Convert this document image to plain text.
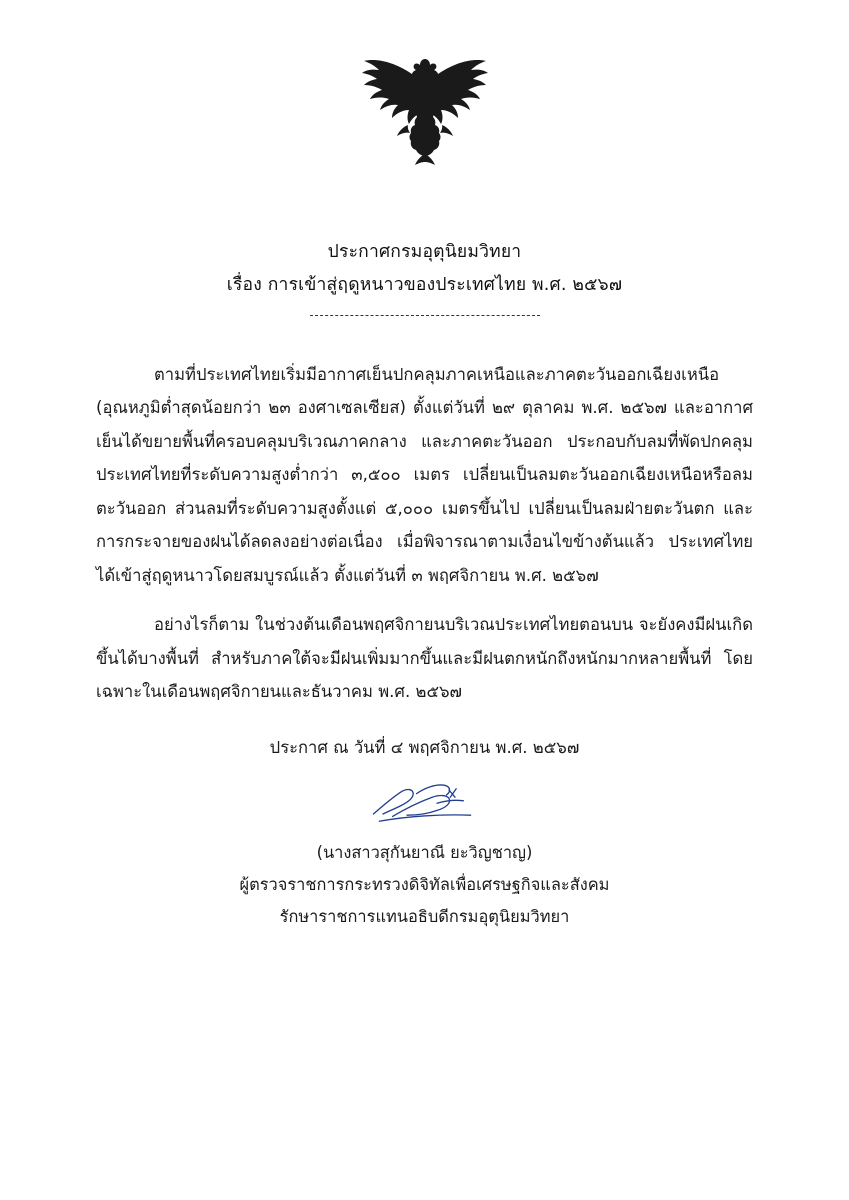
ประกาศกรมอุตุนิยมวิทยา
เรื่อง การเข้าสู่ฤดูหนาวของประเทศไทย พ.ศ. ๒๕๖๗

ตามที่ประเทศไทยเริ่มมีอากาศเย็นปกคลุมภาคเหนือและภาคตะวันออกเฉียงเหนือ (อุณหภูมิต่ำสุดน้อยกว่า ๒๓ องศาเซลเซียส) ตั้งแต่วันที่ ๒๙ ตุลาคม พ.ศ. ๒๕๖๗ และอากาศเย็นได้ขยายพื้นที่ครอบคลุมบริเวณภาคกลาง และภาคตะวันออก ประกอบกับลมที่พัดปกคลุมประเทศไทยที่ระดับความสูงต่ำกว่า ๓,๕๐๐ เมตร เปลี่ยนเป็นลมตะวันออกเฉียงเหนือหรือลมตะวันออก ส่วนลมที่ระดับความสูงตั้งแต่ ๕,๐๐๐ เมตรขึ้นไป เปลี่ยนเป็นลมฝ่ายตะวันตก และการกระจายของฝนได้ลดลงอย่างต่อเนื่อง เมื่อพิจารณาตามเงื่อนไขข้างต้นแล้ว ประเทศไทยได้เข้าสู่ฤดูหนาวโดยสมบูรณ์แล้ว ตั้งแต่วันที่ ๓ พฤศจิกายน พ.ศ. ๒๕๖๗

อย่างไรก็ตาม ในช่วงต้นเดือนพฤศจิกายนบริเวณประเทศไทยตอนบน จะยังคงมีฝนเกิดขึ้นได้บางพื้นที่ สำหรับภาคใต้จะมีฝนเพิ่มมากขึ้นและมีฝนตกหนักถึงหนักมากหลายพื้นที่ โดยเฉพาะในเดือนพฤศจิกายนและธันวาคม พ.ศ. ๒๕๖๗

ประกาศ ณ วันที่ ๔ พฤศจิกายน พ.ศ. ๒๕๖๗
(นางสาวสุกันยาณี ยะวิญชาญ)
ผู้ตรวจราชการกระทรวงดิจิทัลเพื่อเศรษฐกิจและสังคม
รักษาราชการแทนอธิบดีกรมอุตุนิยมวิทยา
